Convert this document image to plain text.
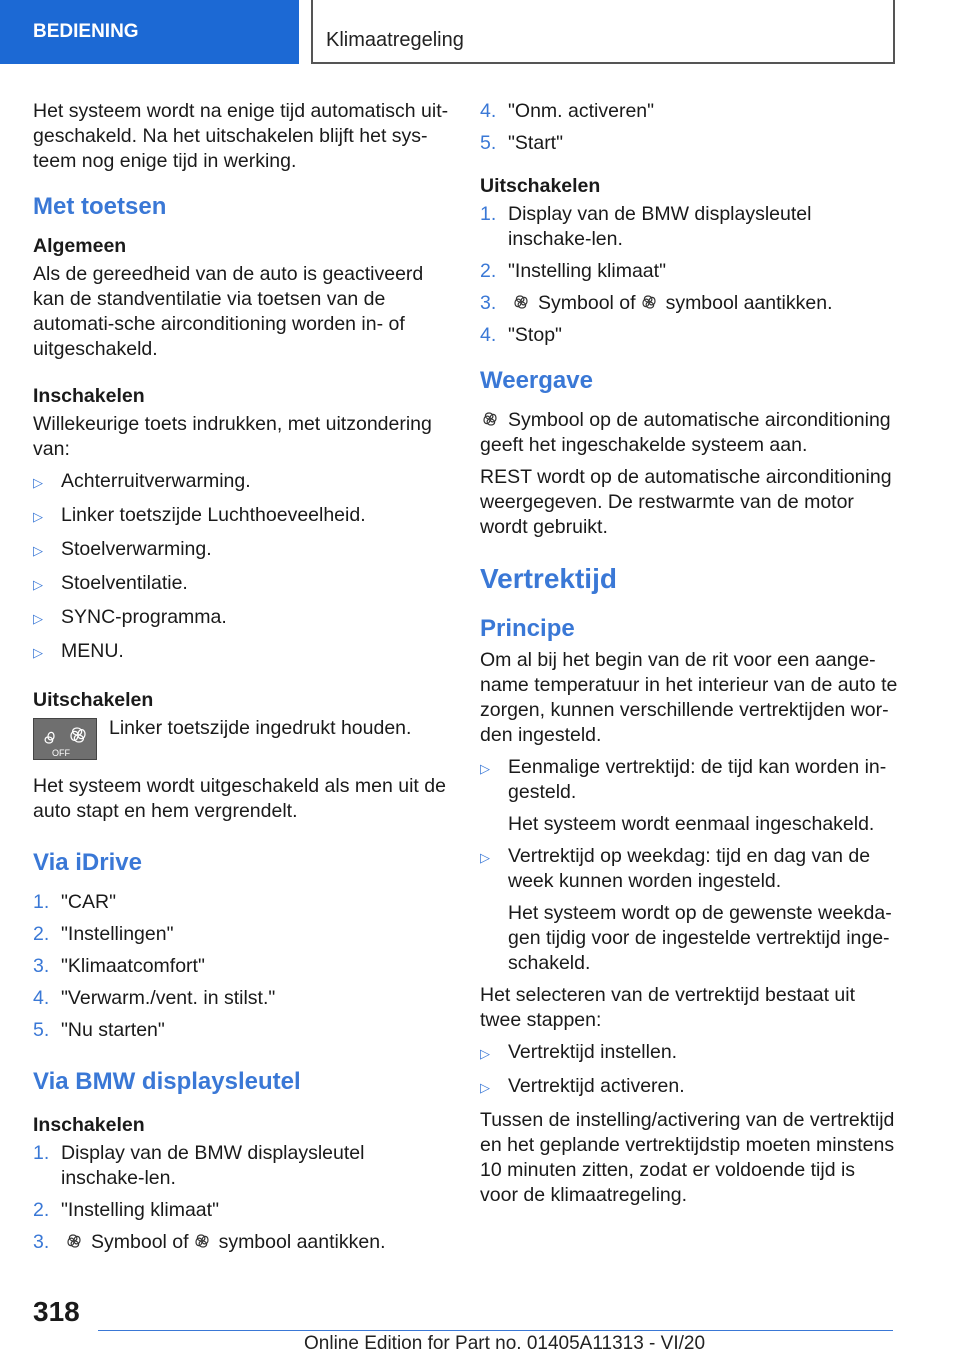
BEDIENING	Klimaatregeling

Het systeem wordt na enige tijd automatisch uit-geschakeld. Na het uitschakelen blijft het sys-teem nog enige tijd in werking.

Met toetsen
Algemeen

Als de gereedheid van de auto is geactiveerd kan de standventilatie via toetsen van de automati-sche airconditioning worden in- of uitgeschakeld.

Inschakelen

Willekeurige toets indrukken, met uitzondering van:

▷ Achterruitverwarming.
▷ Linker toetszijde Luchthoeveelheid.
▷ Stoelverwarming.
▷ Stoelventilatie.
▷ SYNC-programma.
▷ MENU.
Uitschakelen
OFF

Linker toetszijde ingedrukt houden.

Het systeem wordt uitgeschakeld als men uit de auto stapt en hem vergrendelt.

Via iDrive
1. "CAR"
2. "Instellingen"
3. "Klimaatcomfort"
4. "Verwarm./vent. in stilst."
5. "Nu starten"
Via BMW displaysleutel
Inschakelen
1. Display van de BMW displaysleutel inschake-len.
2. "Instelling klimaat"
3.	Symbool of symbool aantikken.
4. "Onm. activeren"
5. "Start"
Uitschakelen
1. Display van de BMW displaysleutel inschake-len.
2. "Instelling klimaat"
3.	Symbool of symbool aantikken.
4. "Stop"
Weergave

Symbool op de automatische airconditioning geeft het ingeschakelde systeem aan.

REST wordt op de automatische airconditioning weergegeven. De restwarmte van de motor wordt gebruikt.

Vertrektijd
Principe

Om al bij het begin van de rit voor een aange-name temperatuur in het interieur van de auto te zorgen, kunnen verschillende vertrektijden wor-den ingesteld.

▷ Eenmalige vertrektijd: de tijd kan worden in-gesteld.
Het systeem wordt eenmaal ingeschakeld.
▷ Vertrektijd op weekdag: tijd en dag van de week kunnen worden ingesteld.
Het systeem wordt op de gewenste weekda-gen tijdig voor de ingestelde vertrektijd inge-schakeld.

Het selecteren van de vertrektijd bestaat uit twee stappen:

▷ Vertrektijd instellen.
▷ Vertrektijd activeren.

Tussen de instelling/activering van de vertrektijd en het geplande vertrektijdstip moeten minstens 10 minuten zitten, zodat er voldoende tijd is voor de klimaatregeling.

318
Online Edition for Part no. 01405A11313 - VI/20
